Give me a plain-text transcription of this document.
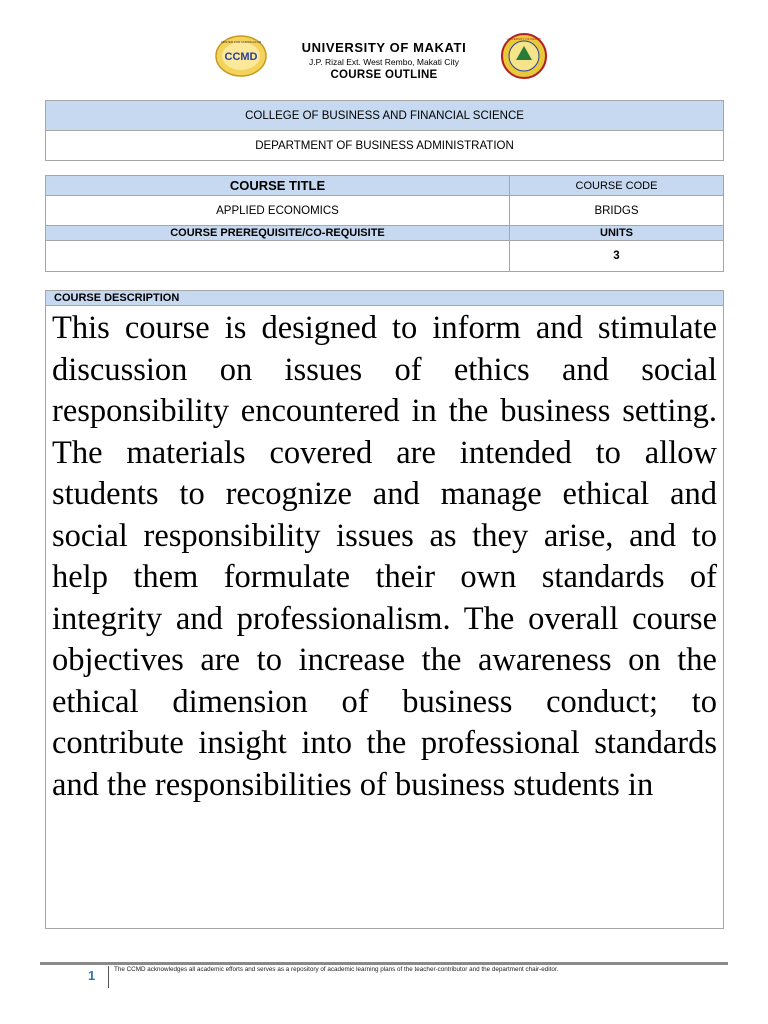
CCMD
CENTER FOR CURRICULUM	UNIVERSITY OF MAKATI
J.P. Rizal Ext. West Rembo, Makati City
COURSE OUTLINE
UNIVERSITY OF MAKATI
COLLEGE OF BUSINESS AND FINANCIAL SCIENCE
DEPARTMENT OF BUSINESS ADMINISTRATION
COURSE TITLE	COURSE CODE
APPLIED ECONOMICS	BRIDGS
COURSE PREREQUISITE/CO-REQUISITE	UNITS
	3
COURSE DESCRIPTION
This course is designed to inform and stimulate discussion on issues of ethics and social responsibility encountered in the business setting. The materials covered are intended to allow students to recognize and manage ethical and social responsibility issues as they arise, and to help them formulate their own standards of integrity and professionalism. The overall course objectives are to increase the awareness on the ethical dimension of business conduct; to contribute insight into the professional standards and the responsibilities of business students in
1	The CCMD acknowledges all academic efforts and serves as a repository of academic learning plans of the teacher-contributor and the department chair-editor.
